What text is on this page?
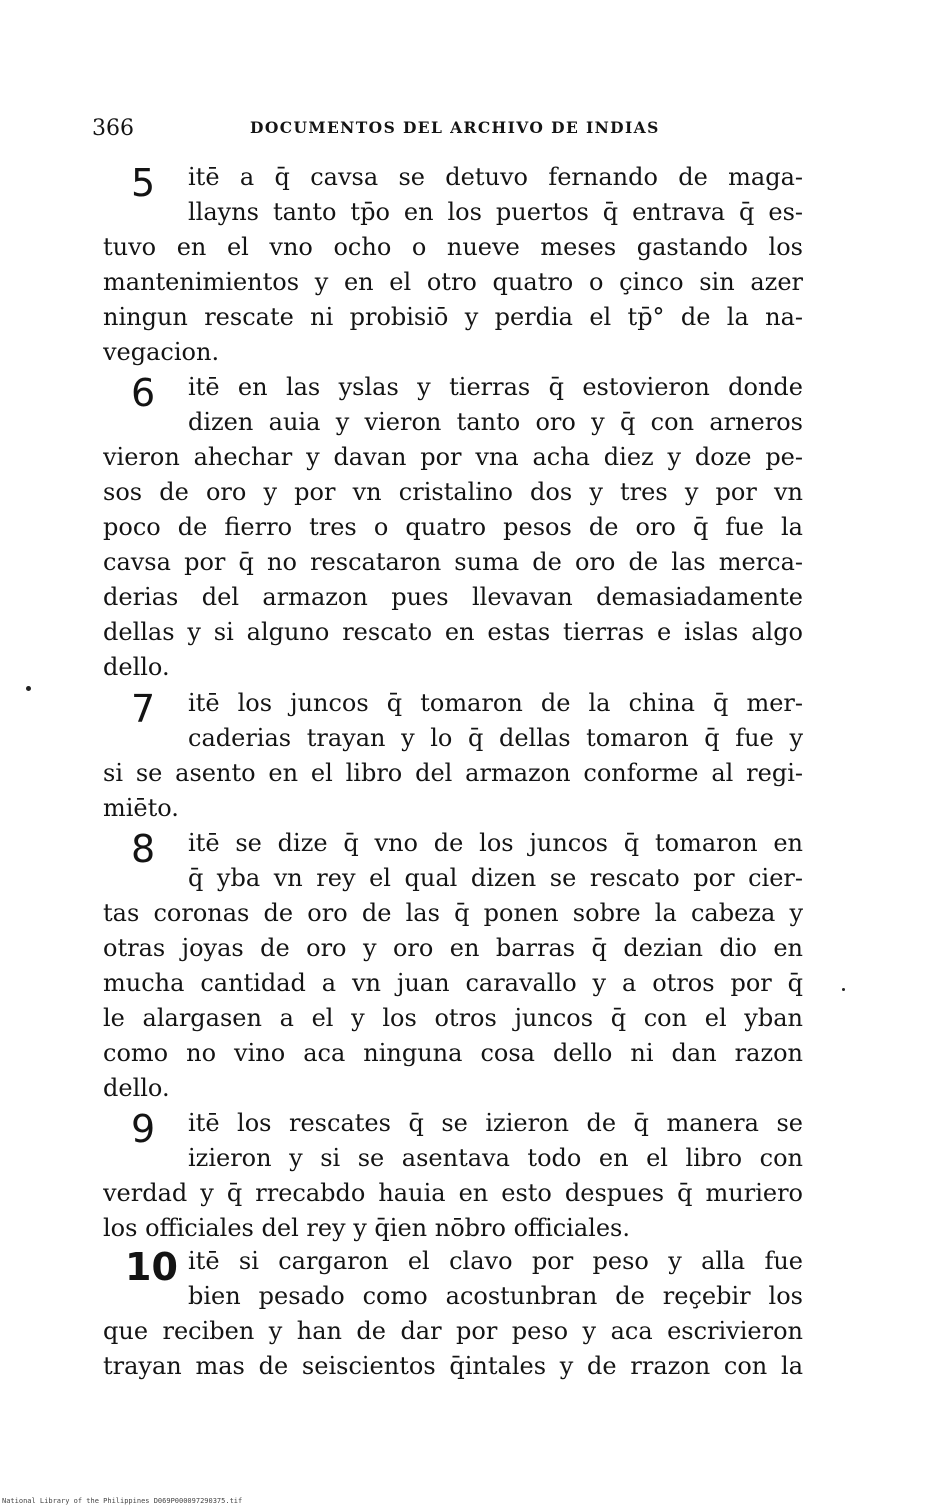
366	DOCUMENTOS DEL ARCHIVO DE INDIAS
5 itē a q̄ cavsa se detuvo fernando de maga-
llayns tanto tp̄o en los puertos q̄ entrava q̄ es-
tuvo en el vno ocho o nueve meses gastando los
mantenimientos y en el otro quatro o çinco sin azer
ningun rescate ni probisiō y perdia el tp̄° de la na-
vegacion.
6 itē en las yslas y tierras q̄ estovieron donde
dizen auia y vieron tanto oro y q̄ con arneros
vieron ahechar y davan por vna acha diez y doze pe-
sos de oro y por vn cristalino dos y tres y por vn
poco de fierro tres o quatro pesos de oro q̄ fue la
cavsa por q̄ no rescataron suma de oro de las merca-
derias del armazon pues llevavan demasiadamente
dellas y si alguno rescato en estas tierras e islas algo
dello.
7 itē los juncos q̄ tomaron de la china q̄ mer-
caderias trayan y lo q̄ dellas tomaron q̄ fue y
si se asento en el libro del armazon conforme al regi-
miēto.
8 itē se dize q̄ vno de los juncos q̄ tomaron en
q̄ yba vn rey el qual dizen se rescato por cier-
tas coronas de oro de las q̄ ponen sobre la cabeza y
otras joyas de oro y oro en barras q̄ dezian dio en
mucha cantidad a vn juan caravallo y a otros por q̄
le alargasen a el y los otros juncos q̄ con el yban
como no vino aca ninguna cosa dello ni dan razon
dello.
9 itē los rescates q̄ se izieron de q̄ manera se
izieron y si se asentava todo en el libro con
verdad y q̄ rrecabdo hauia en esto despues q̄ muriero
los officiales del rey y q̄ien nōbro officiales.
10 itē si cargaron el clavo por peso y alla fue
bien pesado como acostunbran de reçebir los
que reciben y han de dar por peso y aca escrivieron
trayan mas de seiscientos q̄intales y de rrazon con la
National Library of the Philippines D069P000097290375.tif
